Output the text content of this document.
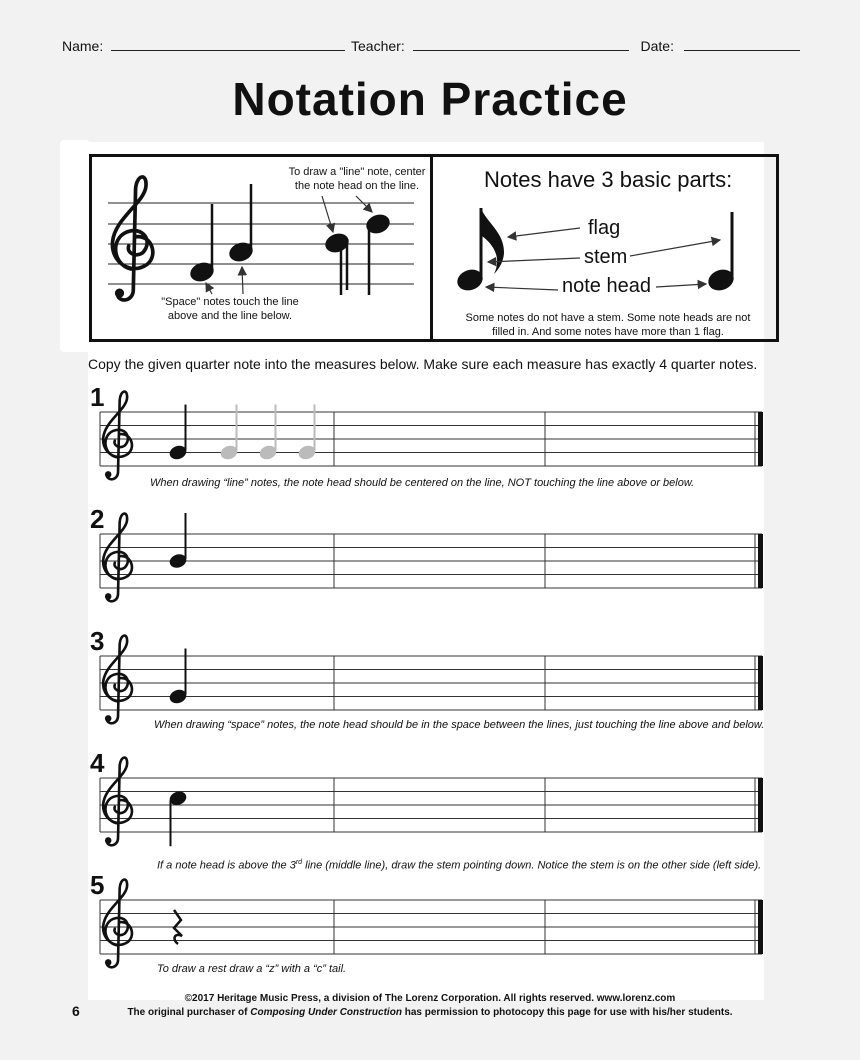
Name:	Teacher:	Date:
Notation Practice
To draw a "line" note, center
the note head on the line.
"Space" notes touch the line
above and the line below.
Notes have 3 basic parts:
flag
stem
note head
Some notes do not have a stem. Some note heads are not
filled in. And some notes have more than 1 flag.
Copy the given quarter note into the measures below. Make sure each measure has exactly 4 quarter notes.
1
When drawing “line” notes, the note head should be centered on the line, NOT touching the line above or below.
2
3
When drawing “space” notes, the note head should be in the space between the lines, just touching the line above and below.
4
If a note head is above the 3rd line (middle line), draw the stem pointing down. Notice the stem is on the other side (left side).
5
To draw a rest draw a “z” with a “c” tail.
6
©2017 Heritage Music Press, a division of The Lorenz Corporation. All rights reserved. www.lorenz.com
The original purchaser of Composing Under Construction has permission to photocopy this page for use with his/her students.
